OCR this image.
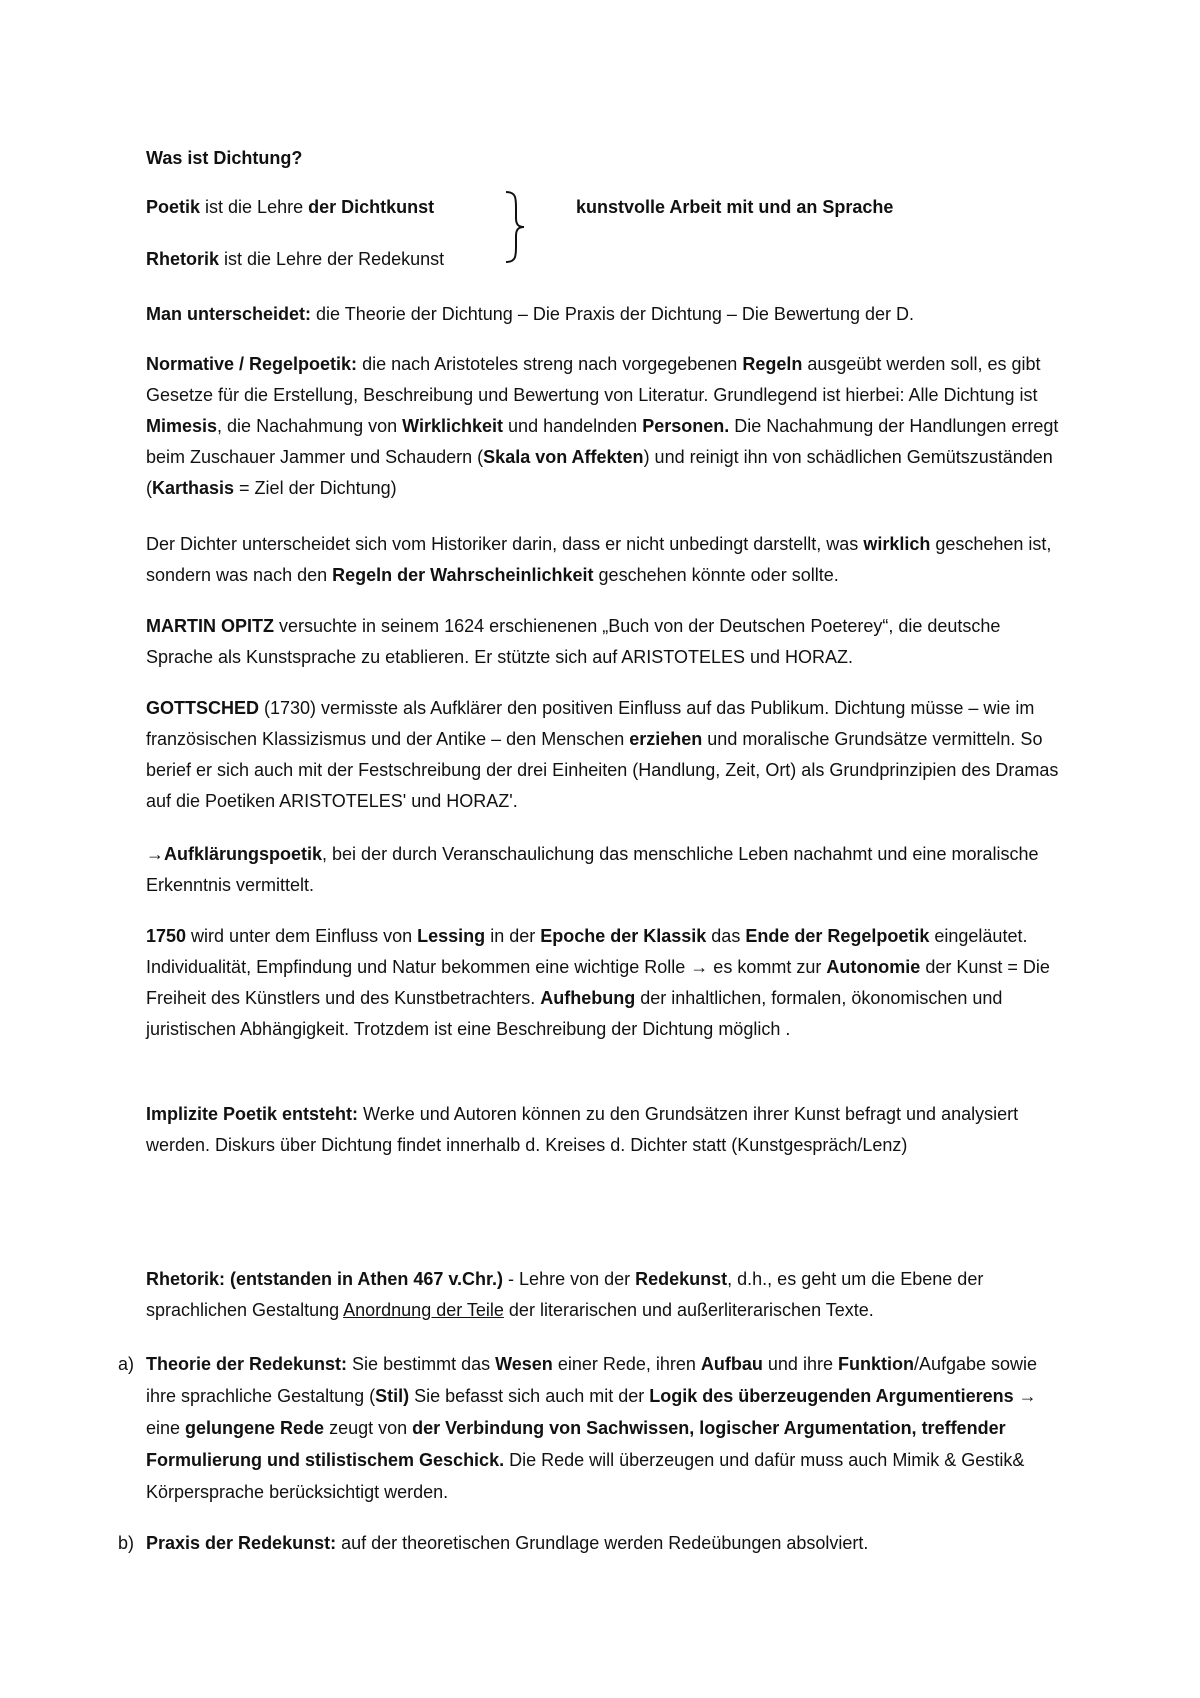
Was ist Dichtung?

Poetik ist die Lehre der Dichtkunst	kunstvolle Arbeit mit und an Sprache

Rhetorik ist die Lehre der Redekunst

Man unterscheidet: die Theorie der Dichtung – Die Praxis der Dichtung – Die Bewertung der D.

Normative / Regelpoetik: die nach Aristoteles streng nach vorgegebenen Regeln ausgeübt werden soll, es gibt Gesetze für die Erstellung, Beschreibung und Bewertung von Literatur. Grundlegend ist hierbei: Alle Dichtung ist Mimesis, die Nachahmung von Wirklichkeit und handelnden Personen. Die Nachahmung der Handlungen erregt beim Zuschauer Jammer und Schaudern (Skala von Affekten) und reinigt ihn von schädlichen Gemütszuständen (Karthasis = Ziel der Dichtung)

Der Dichter unterscheidet sich vom Historiker darin, dass er nicht unbedingt darstellt, was wirklich geschehen ist, sondern was nach den Regeln der Wahrscheinlichkeit geschehen könnte oder sollte.

MARTIN OPITZ versuchte in seinem 1624 erschienenen „Buch von der Deutschen Poeterey“, die deutsche Sprache als Kunstsprache zu etablieren. Er stützte sich auf ARISTOTELES und HORAZ.

GOTTSCHED (1730) vermisste als Aufklärer den positiven Einfluss auf das Publikum. Dichtung müsse – wie im französischen Klassizismus und der Antike – den Menschen erziehen und moralische Grundsätze vermitteln. So berief er sich auch mit der Festschreibung der drei Einheiten (Handlung, Zeit, Ort) als Grundprinzipien des Dramas auf die Poetiken ARISTOTELES' und HORAZ'.

→Aufklärungspoetik, bei der durch Veranschaulichung das menschliche Leben nachahmt und eine moralische Erkenntnis vermittelt.

1750 wird unter dem Einfluss von Lessing in der Epoche der Klassik das Ende der Regelpoetik eingeläutet. Individualität, Empfindung und Natur bekommen eine wichtige Rolle → es kommt zur Autonomie der Kunst = Die Freiheit des Künstlers und des Kunstbetrachters. Aufhebung der inhaltlichen, formalen, ökonomischen und juristischen Abhängigkeit. Trotzdem ist eine Beschreibung der Dichtung möglich .

Implizite Poetik entsteht: Werke und Autoren können zu den Grundsätzen ihrer Kunst befragt und analysiert werden. Diskurs über Dichtung findet innerhalb d. Kreises d. Dichter statt (Kunstgespräch/Lenz)

Rhetorik: (entstanden in Athen 467 v.Chr.) - Lehre von der Redekunst, d.h., es geht um die Ebene der sprachlichen Gestaltung Anordnung der Teile der literarischen und außerliterarischen Texte.

a) Theorie der Redekunst: Sie bestimmt das Wesen einer Rede, ihren Aufbau und ihre Funktion/Aufgabe sowie ihre sprachliche Gestaltung (Stil) Sie befasst sich auch mit der Logik des überzeugenden Argumentierens → eine gelungene Rede zeugt von der Verbindung von Sachwissen, logischer Argumentation, treffender Formulierung und stilistischem Geschick. Die Rede will überzeugen und dafür muss auch Mimik & Gestik& Körpersprache berücksichtigt werden.
b) Praxis der Redekunst: auf der theoretischen Grundlage werden Redeübungen absolviert.
